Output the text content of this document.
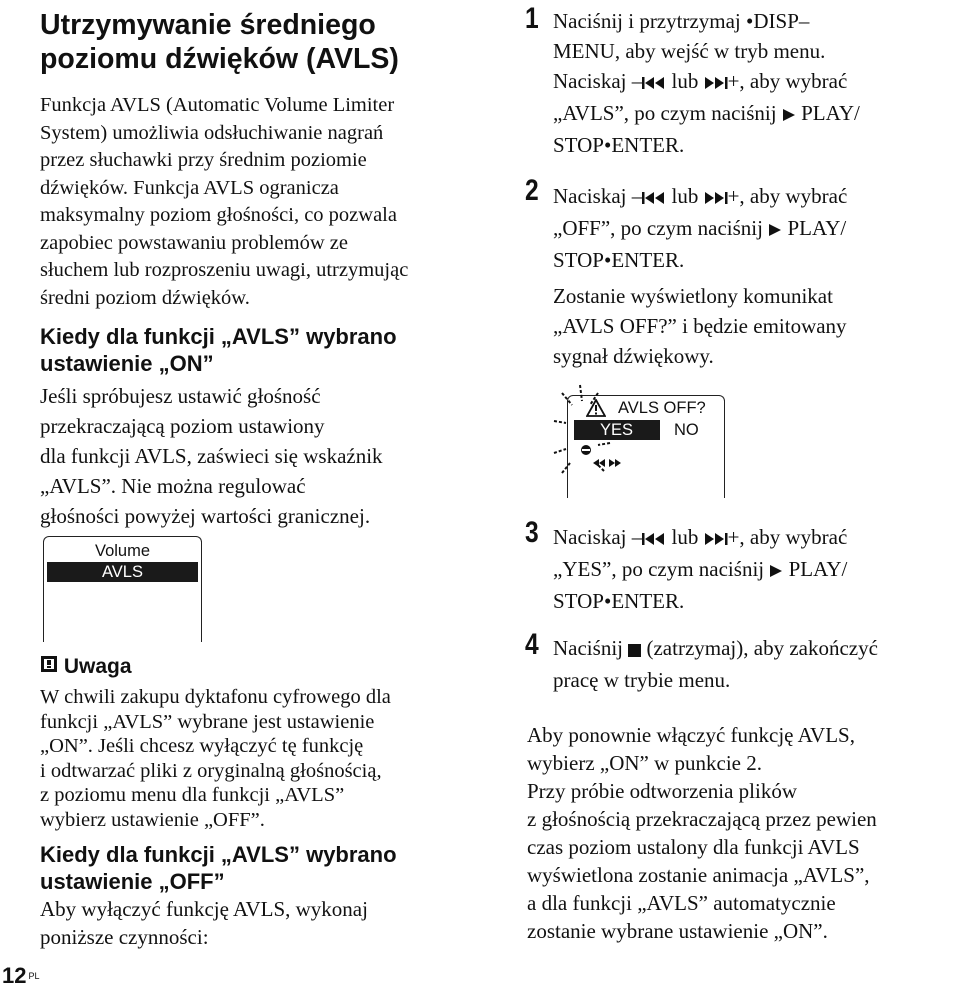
Utrzymywanie średniego
poziomu dźwięków (AVLS)
Funkcja AVLS (Automatic Volume Limiter
System) umożliwia odsłuchiwanie nagrań
przez słuchawki przy średnim poziomie
dźwięków. Funkcja AVLS ogranicza
maksymalny poziom głośności, co pozwala
zapobiec powstawaniu problemów ze
słuchem lub rozproszeniu uwagi, utrzymując
średni poziom dźwięków.
Kiedy dla funkcji „AVLS” wybrano
ustawienie „ON”
Jeśli spróbujesz ustawić głośność
przekraczającą poziom ustawiony
dla funkcji AVLS, zaświeci się wskaźnik
„AVLS”. Nie można regulować
głośności powyżej wartości granicznej.
Volume
AVLS
Uwaga
W chwili zakupu dyktafonu cyfrowego dla
funkcji „AVLS” wybrane jest ustawienie
„ON”. Jeśli chcesz wyłączyć tę funkcję
i odtwarzać pliki z oryginalną głośnością,
z poziomu menu dla funkcji „AVLS”
wybierz ustawienie „OFF”.
Kiedy dla funkcji „AVLS” wybrano
ustawienie „OFF”
Aby wyłączyć funkcję AVLS, wykonaj
poniższe czynności:
12 $^{PL}$
1 Naciśnij i przytrzymaj •DISP–
MENU, aby wejść w tryb menu.
Naciskaj – lub +, aby wybrać
„AVLS”, po czym naciśnij  PLAY/
STOP•ENTER.
2 Naciskaj – lub +, aby wybrać
„OFF”, po czym naciśnij  PLAY/
STOP•ENTER.
Zostanie wyświetlony komunikat
„AVLS OFF?” i będzie emitowany
sygnał dźwiękowy.
AVLS OFF?
YES	NO
3 Naciskaj – lub +, aby wybrać
„YES”, po czym naciśnij  PLAY/
STOP•ENTER.
4 Naciśnij  (zatrzymaj), aby zakończyć
pracę w trybie menu.
Aby ponownie włączyć funkcję AVLS,
wybierz „ON” w punkcie 2.
Przy próbie odtworzenia plików
z głośnością przekraczającą przez pewien
czas poziom ustalony dla funkcji AVLS
wyświetlona zostanie animacja „AVLS”,
a dla funkcji „AVLS” automatycznie
zostanie wybrane ustawienie „ON”.
